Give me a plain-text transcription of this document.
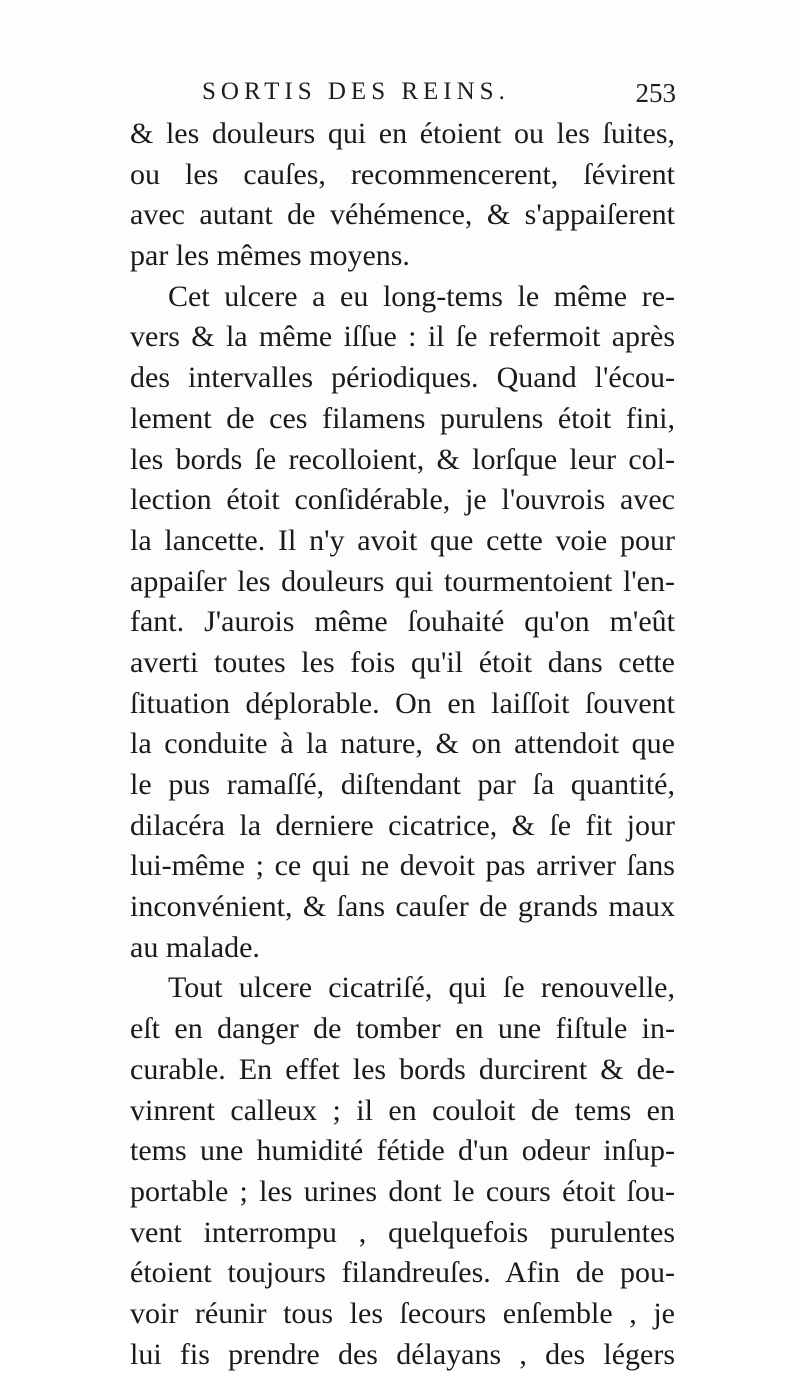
SORTIS DES REINS.	253
& les douleurs qui en étoient ou les ſuites,
ou les cauſes, recommencerent, ſévirent
avec autant de véhémence, & s'appaiſerent
par les mêmes moyens.
Cet ulcere a eu long-tems le même re-
vers & la même iſſue : il ſe refermoit après
des intervalles périodiques. Quand l'écou-
lement de ces filamens purulens étoit fini,
les bords ſe recolloient, & lorſque leur col-
lection étoit conſidérable, je l'ouvrois avec
la lancette. Il n'y avoit que cette voie pour
appaiſer les douleurs qui tourmentoient l'en-
fant. J'aurois même ſouhaité qu'on m'eût
averti toutes les fois qu'il étoit dans cette
ſituation déplorable. On en laiſſoit ſouvent
la conduite à la nature, & on attendoit que
le pus ramaſſé, diſtendant par ſa quantité,
dilacéra la derniere cicatrice, & ſe fit jour
lui-même ; ce qui ne devoit pas arriver ſans
inconvénient, & ſans cauſer de grands maux
au malade.
Tout ulcere cicatriſé, qui ſe renouvelle,
eſt en danger de tomber en une fiſtule in-
curable. En effet les bords durcirent & de-
vinrent calleux ; il en couloit de tems en
tems une humidité fétide d'un odeur inſup-
portable ; les urines dont le cours étoit ſou-
vent interrompu , quelquefois purulentes
étoient toujours filandreuſes. Afin de pou-
voir réunir tous les ſecours enſemble , je
lui fis prendre des délayans , des légers
